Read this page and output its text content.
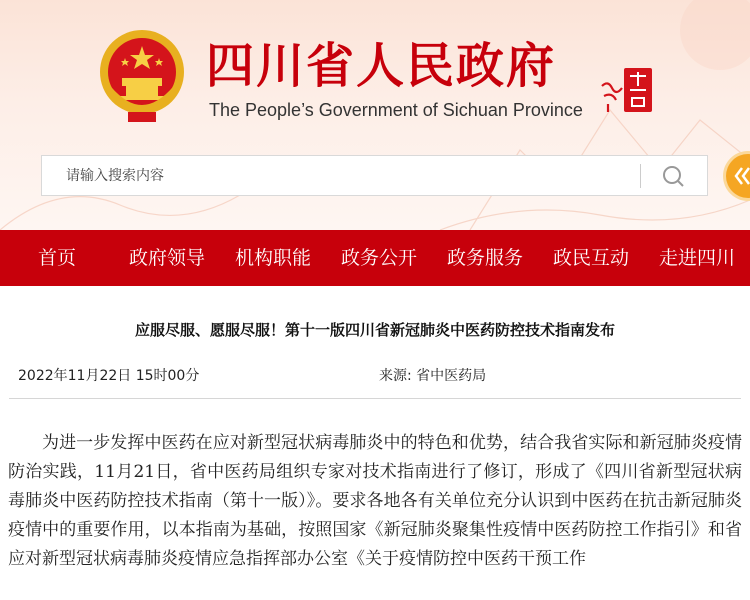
四川省人民政府
The People’s Government of Sichuan Province
请输入搜索内容
首页	政府领导	机构职能	政务公开	政务服务	政民互动	走进四川
应服尽服、愿服尽服！第十一版四川省新冠肺炎中医药防控技术指南发布
2022年11月22日 15时00分	来源: 省中医药局

为进一步发挥中医药在应对新型冠状病毒肺炎中的特色和优势，结合我省实际和新冠肺炎疫情防治实践，11月21日，省中医药局组织专家对技术指南进行了修订，形成了《四川省新型冠状病毒肺炎中医药防控技术指南（第十一版）》。要求各地各有关单位充分认识到中医药在抗击新冠肺炎疫情中的重要作用，以本指南为基础，按照国家《新冠肺炎聚集性疫情中医药防控工作指引》和省应对新型冠状病毒肺炎疫情应急指挥部办公室《关于疫情防控中医药干预工作
